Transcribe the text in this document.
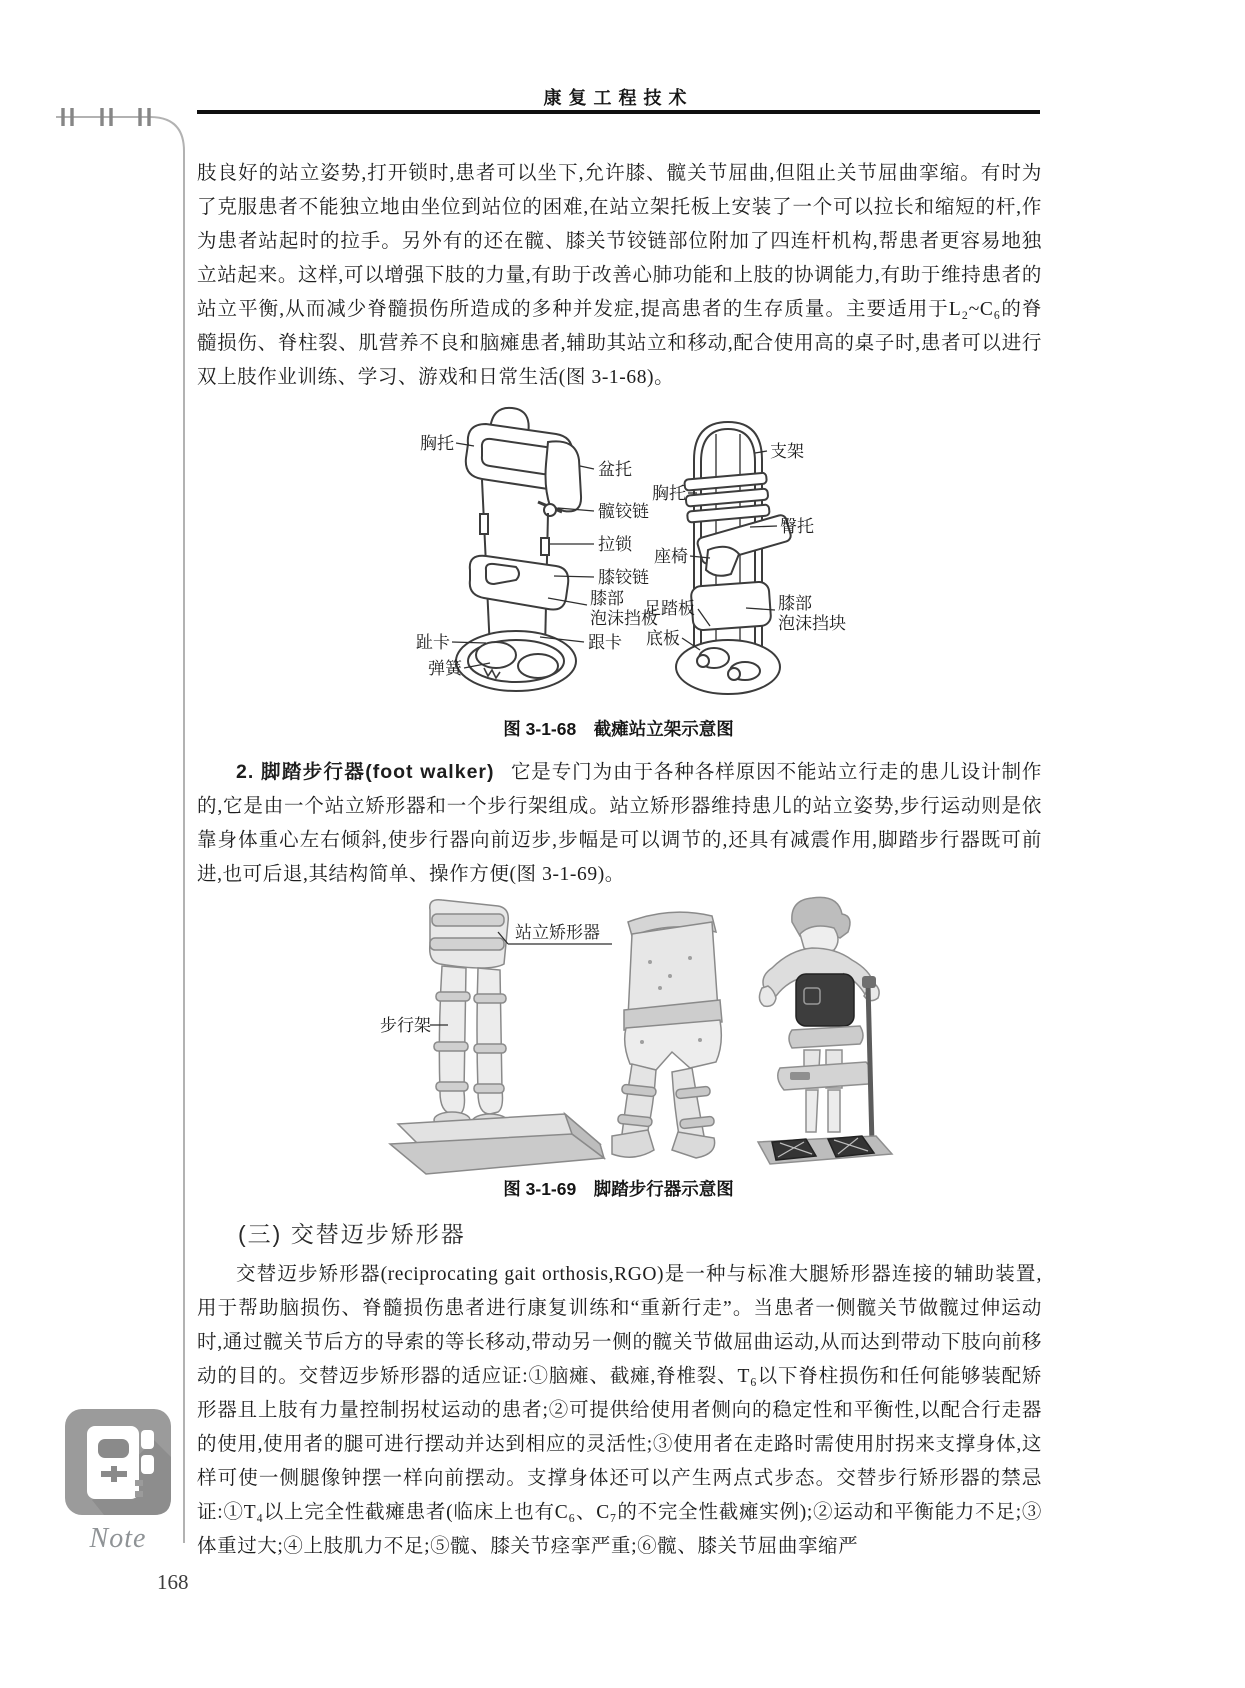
康复工程技术
肢良好的站立姿势,打开锁时,患者可以坐下,允许膝、髋关节屈曲,但阻止关节屈曲挛缩。有时为了克服患者不能独立地由坐位到站位的困难,在站立架托板上安装了一个可以拉长和缩短的杆,作为患者站起时的拉手。另外有的还在髋、膝关节铰链部位附加了四连杆机构,帮患者更容易地独立站起来。这样,可以增强下肢的力量,有助于改善心肺功能和上肢的协调能力,有助于维持患者的站立平衡,从而减少脊髓损伤所造成的多种并发症,提高患者的生存质量。主要适用于L₂~C₆的脊髓损伤、脊柱裂、肌营养不良和脑瘫患者,辅助其站立和移动,配合使用高的桌子时,患者可以进行双上肢作业训练、学习、游戏和日常生活(图 3-1-68)。
胸托
盆托
髋铰链
拉锁
膝铰链
膝部
泡沫挡板
趾卡	跟卡
弹簧
支架
胸托
臀托
座椅
足踏板	膝部
泡沫挡块
底板
图 3-1-68　截瘫站立架示意图
2. 脚踏步行器(foot walker) 它是专门为由于各种各样原因不能站立行走的患儿设计制作的,它是由一个站立矫形器和一个步行架组成。站立矫形器维持患儿的站立姿势,步行运动则是依靠身体重心左右倾斜,使步行器向前迈步,步幅是可以调节的,还具有减震作用,脚踏步行器既可前进,也可后退,其结构简单、操作方便(图 3-1-69)。
站立矫形器
步行架
图 3-1-69　脚踏步行器示意图
(三) 交替迈步矫形器
交替迈步矫形器(reciprocating gait orthosis,RGO)是一种与标准大腿矫形器连接的辅助装置,用于帮助脑损伤、脊髓损伤患者进行康复训练和“重新行走”。当患者一侧髋关节做髋过伸运动时,通过髋关节后方的导索的等长移动,带动另一侧的髋关节做屈曲运动,从而达到带动下肢向前移动的目的。交替迈步矫形器的适应证:①脑瘫、截瘫,脊椎裂、T₆以下脊柱损伤和任何能够装配矫形器且上肢有力量控制拐杖运动的患者;②可提供给使用者侧向的稳定性和平衡性,以配合行走器的使用,使用者的腿可进行摆动并达到相应的灵活性;③使用者在走路时需使用肘拐来支撑身体,这样可使一侧腿像钟摆一样向前摆动。支撑身体还可以产生两点式步态。交替步行矫形器的禁忌证:①T₄以上完全性截瘫患者(临床上也有C₆、C₇的不完全性截瘫实例);②运动和平衡能力不足;③体重过大;④上肢肌力不足;⑤髋、膝关节痉挛严重;⑥髋、膝关节屈曲挛缩严
Note
168
